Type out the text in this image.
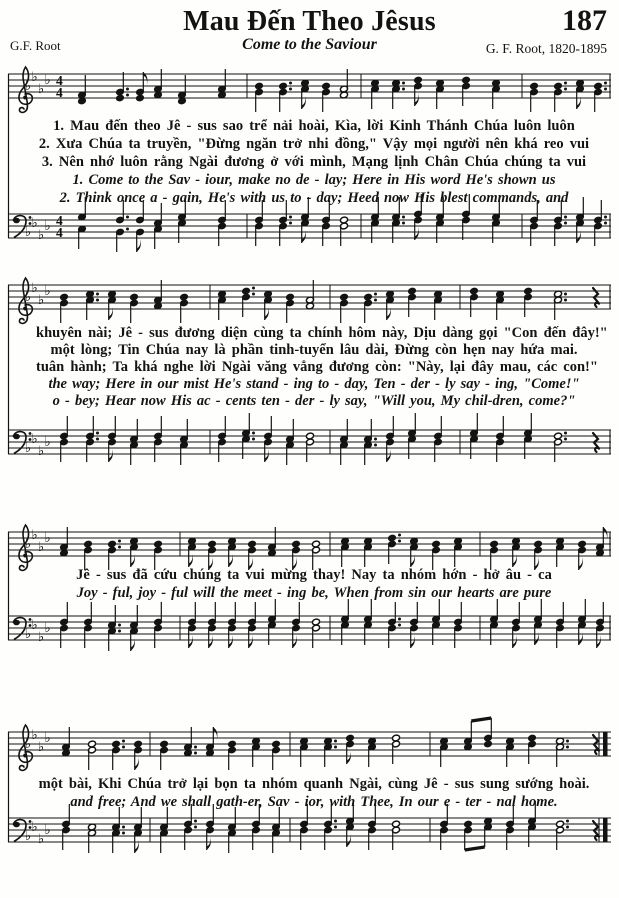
Mau Đến Theo Jêsus	187
Come to the Saviour
G.F. Root	G. F. Root, 1820-1895
♭
♭
♭
♭ 4
4
♭
♭
♭
♭ 4
4
♭
♭
♭
♭
♭
♭
♭
♭
♭
♭
♭
♭
♭
♭
♭
♭
♭
♭
♭
♭
♭
♭
♭
♭
1. Mau đến theo Jê - sus sao trể nải hoài, Kìa, lời Kinh Thánh Chúa luôn luôn
2. Xưa Chúa ta truyền, "Đừng ngăn trở nhi đồng," Vậy mọi người nên khá reo vui
3. Nên nhớ luôn rằng Ngài đương ở với mình, Mạng lịnh Chân Chúa chúng ta vui
1. Come to the Sav - iour, make no de - lay; Here in His word He's shown us
2. Think once a - gain, He's with us to - day; Heed now His blest commands, and
khuyên nài; Jê - sus đương diện cùng ta chính hôm này, Dịu dàng gọi "Con đến đây!"
một lòng; Tin Chúa nay là phần tinh-tuyển lâu dài, Đừng còn hẹn nay hứa mai.
tuân hành; Ta khá nghe lời Ngài văng vẳng đương còn: "Này, lại đây mau, các con!"
the way; Here in our mist He's stand - ing to - day, Ten - der - ly say - ing, "Come!"
o - bey; Hear now His ac - cents ten - der - ly say, "Will you, My chil-dren, come?"
Jê - sus đã cứu chúng ta vui mừng thay! Nay ta nhóm hớn - hở âu - ca
Joy - ful, joy - ful will the meet - ing be, When from sin our hearts are pure
một bài, Khi Chúa trở lại bọn ta nhóm quanh Ngài, cùng Jê - sus sung sướng hoài.
and free; And we shall gath-er, Sav - ior, with Thee, In our e - ter - nal home.
